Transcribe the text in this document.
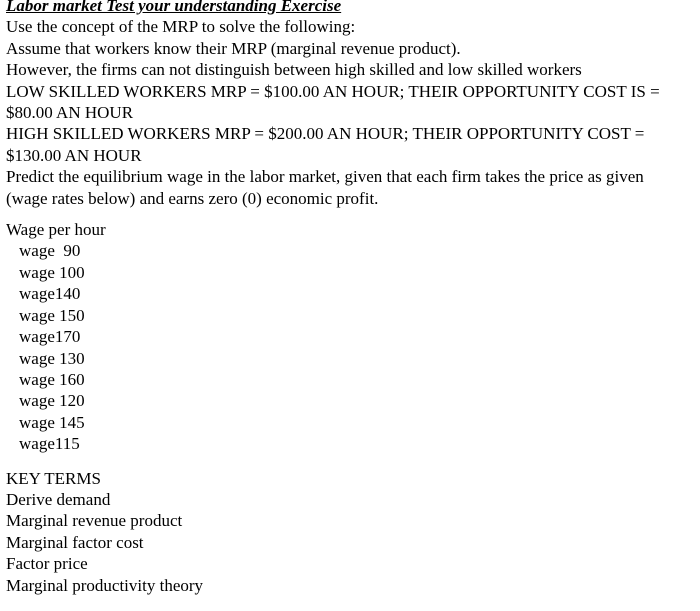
Labor market Test your understanding Exercise
Use the concept of the MRP to solve the following:
Assume that workers know their MRP (marginal revenue product).
However, the firms can not distinguish between high skilled and low skilled workers
LOW SKILLED WORKERS MRP = $100.00 AN HOUR; THEIR OPPORTUNITY COST IS =
$80.00 AN HOUR
HIGH SKILLED WORKERS MRP = $200.00 AN HOUR; THEIR OPPORTUNITY COST =
$130.00 AN HOUR
Predict the equilibrium wage in the labor market, given that each firm takes the price as given
(wage rates below) and earns zero (0) economic profit.
Wage per hour
wage  90
wage 100
wage140
wage 150
wage170
wage 130
wage 160
wage 120
wage 145
wage115
KEY TERMS
Derive demand
Marginal revenue product
Marginal factor cost
Factor price
Marginal productivity theory
